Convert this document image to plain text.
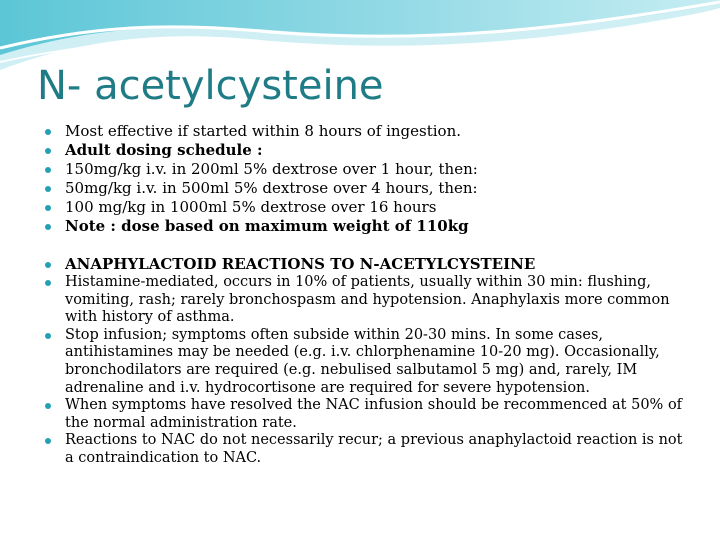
N- acetylcysteine
Most effective if started within 8 hours of ingestion.
Adult dosing schedule :
150mg/kg i.v. in 200ml 5% dextrose over 1 hour, then:
50mg/kg i.v. in 500ml 5% dextrose over 4 hours, then:
100 mg/kg in 1000ml 5% dextrose over 16 hours
Note : dose based on maximum weight of 110kg
ANAPHYLACTOID REACTIONS TO N-ACETYLCYSTEINE
Histamine-mediated, occurs in 10% of patients, usually within 30 min: flushing, vomiting, rash; rarely bronchospasm and hypotension. Anaphylaxis more common with history of asthma.
Stop infusion; symptoms often subside within 20-30 mins. In some cases, antihistamines may be needed (e.g. i.v. chlorphenamine 10-20 mg). Occasionally, bronchodilators are required (e.g. nebulised salbutamol 5 mg) and, rarely, IM adrenaline and i.v. hydrocortisone are required for severe hypotension.
When symptoms have resolved the NAC infusion should be recommenced at 50% of the normal administration rate.
Reactions to NAC do not necessarily recur; a previous anaphylactoid reaction is not a contraindication to NAC.
